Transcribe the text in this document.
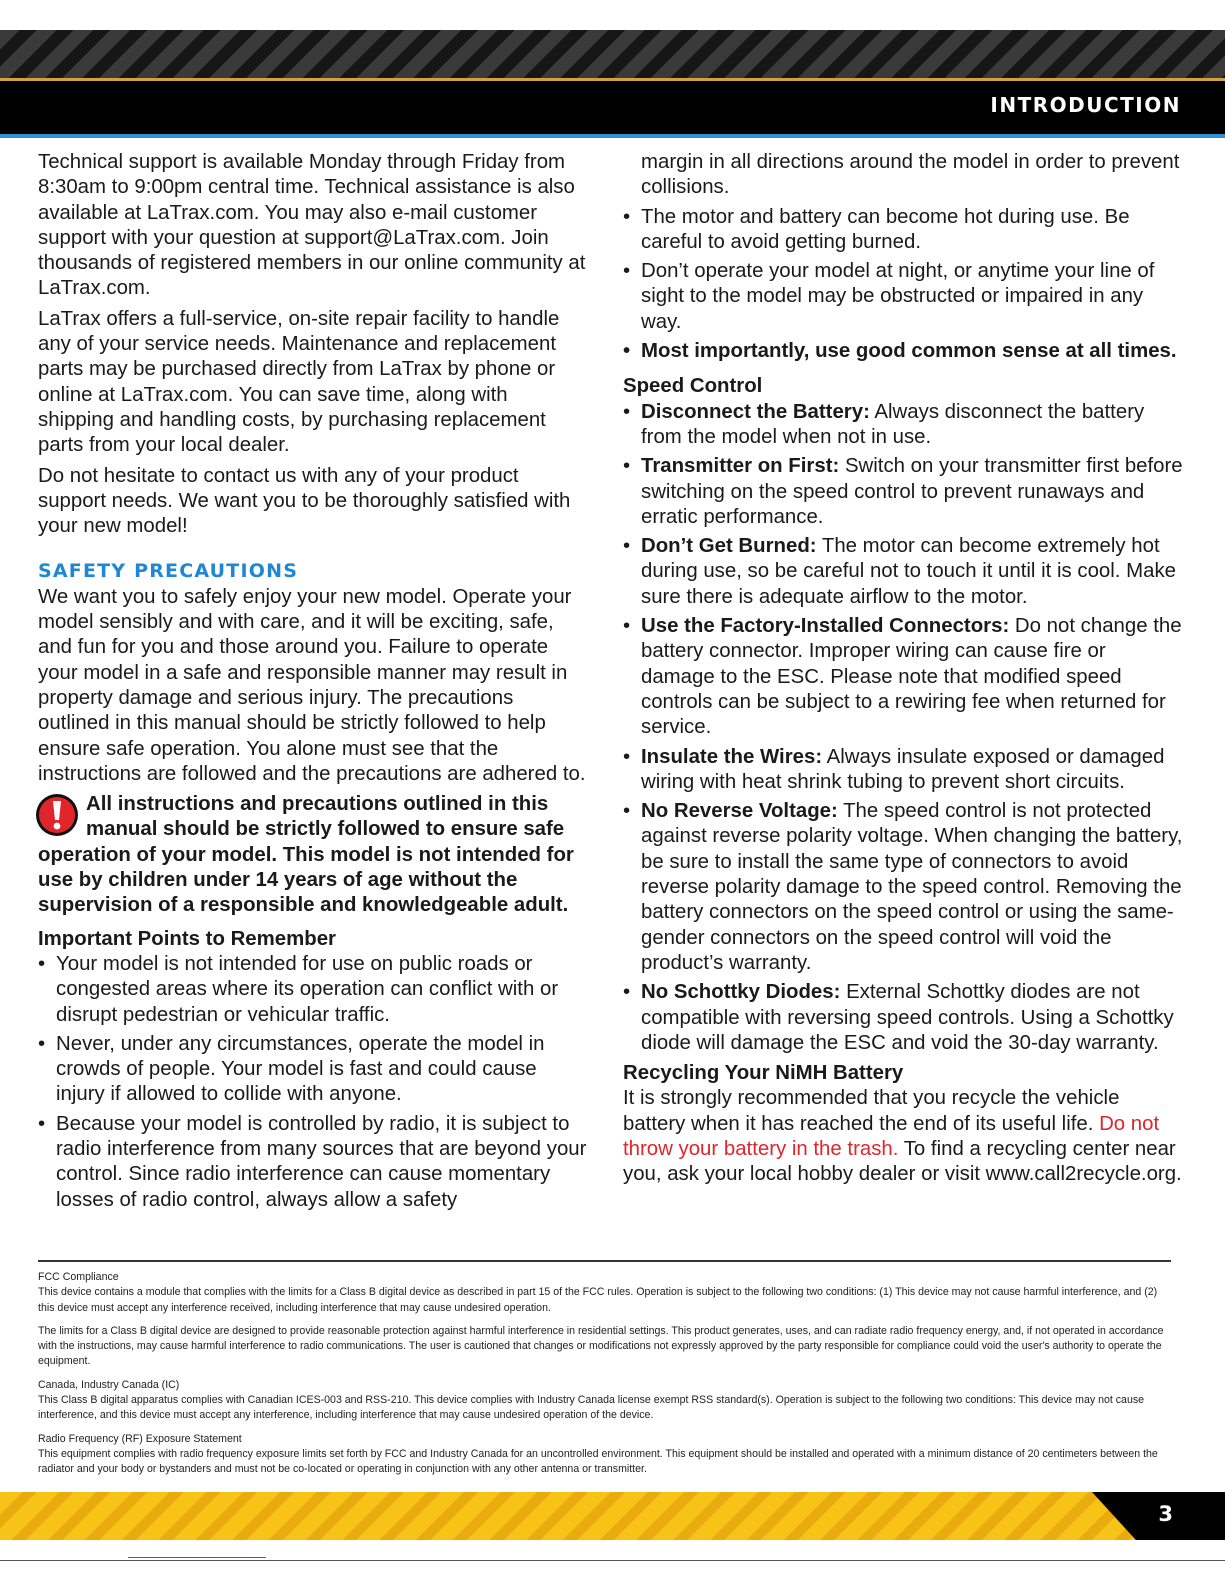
INTRODUCTION

Technical support is available Monday through Friday from 8:30am to 9:00pm central time. Technical assistance is also available at LaTrax.com. You may also e-mail customer support with your question at support@LaTrax.com. Join thousands of registered members in our online community at LaTrax.com.

LaTrax offers a full-service, on-site repair facility to handle any of your service needs. Maintenance and replacement parts may be purchased directly from LaTrax by phone or online at LaTrax.com. You can save time, along with shipping and handling costs, by purchasing replacement parts from your local dealer.

Do not hesitate to contact us with any of your product support needs. We want you to be thoroughly satisfied with your new model!

SAFETY PRECAUTIONS

We want you to safely enjoy your new model. Operate your model sensibly and with care, and it will be exciting, safe, and fun for you and those around you. Failure to operate your model in a safe and responsible manner may result in property damage and serious injury. The precautions outlined in this manual should be strictly followed to help ensure safe operation. You alone must see that the instructions are followed and the precautions are adhered to.

All instructions and precautions outlined in this manual should be strictly followed to ensure safe operation of your model. This model is not intended for use by children under 14 years of age without the supervision of a responsible and knowledgeable adult.
Important Points to Remember
• Your model is not intended for use on public roads or congested areas where its operation can conflict with or disrupt pedestrian or vehicular traffic.
• Never, under any circumstances, operate the model in crowds of people. Your model is fast and could cause injury if allowed to collide with anyone.
• Because your model is controlled by radio, it is subject to radio interference from many sources that are beyond your control. Since radio interference can cause momentary losses of radio control, always allow a safety
margin in all directions around the model in order to prevent collisions.
• The motor and battery can become hot during use. Be careful to avoid getting burned.
• Don’t operate your model at night, or anytime your line of sight to the model may be obstructed or impaired in any way.
• Most importantly, use good common sense at all times.
Speed Control
• Disconnect the Battery: Always disconnect the battery from the model when not in use.
• Transmitter on First: Switch on your transmitter first before switching on the speed control to prevent runaways and erratic performance.
• Don’t Get Burned: The motor can become extremely hot during use, so be careful not to touch it until it is cool. Make sure there is adequate airflow to the motor.
• Use the Factory-Installed Connectors: Do not change the battery connector. Improper wiring can cause fire or damage to the ESC. Please note that modified speed controls can be subject to a rewiring fee when returned for service.
• Insulate the Wires: Always insulate exposed or damaged wiring with heat shrink tubing to prevent short circuits.
• No Reverse Voltage: The speed control is not protected against reverse polarity voltage. When changing the battery, be sure to install the same type of connectors to avoid reverse polarity damage to the speed control. Removing the battery connectors on the speed control or using the same-gender connectors on the speed control will void the product’s warranty.
• No Schottky Diodes: External Schottky diodes are not compatible with reversing speed controls. Using a Schottky diode will damage the ESC and void the 30-day warranty.
Recycling Your NiMH Battery

It is strongly recommended that you recycle the vehicle battery when it has reached the end of its useful life. Do not throw your battery in the trash. To find a recycling center near you, ask your local hobby dealer or visit www.call2recycle.org.

FCC Compliance
This device contains a module that complies with the limits for a Class B digital device as described in part 15 of the FCC rules. Operation is subject to the following two conditions: (1) This device may not cause harmful interference, and (2) this device must accept any interference received, including interference that may cause undesired operation.

The limits for a Class B digital device are designed to provide reasonable protection against harmful interference in residential settings. This product generates, uses, and can radiate radio frequency energy, and, if not operated in accordance with the instructions, may cause harmful interference to radio communications. The user is cautioned that changes or modifications not expressly approved by the party responsible for compliance could void the user's authority to operate the equipment.

Canada, Industry Canada (IC)
This Class B digital apparatus complies with Canadian ICES-003 and RSS-210. This device complies with Industry Canada license exempt RSS standard(s). Operation is subject to the following two conditions: This device may not cause interference, and this device must accept any interference, including interference that may cause undesired operation of the device.

Radio Frequency (RF) Exposure Statement
This equipment complies with radio frequency exposure limits set forth by FCC and Industry Canada for an uncontrolled environment. This equipment should be installed and operated with a minimum distance of 20 centimeters between the radiator and your body or bystanders and must not be co-located or operating in conjunction with any other antenna or transmitter.

3
